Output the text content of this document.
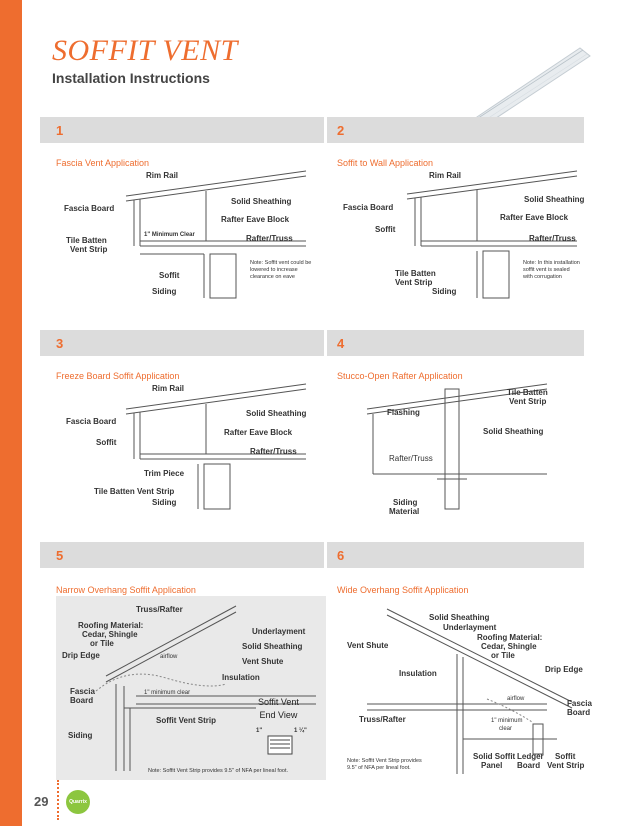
SOFFIT VENT
Installation Instructions
1	2
3	4
5	6
Fascia Vent Application	Soffit to Wall Application
Freeze Board Soffit Application	Stucco-Open Rafter Application
Narrow Overhang Soffit Application	Wide Overhang Soffit Application
Rim Rail
Solid Sheathing
Fascia Board
Rafter Eave Block
1" Minimum Clear	Rafter/Truss
Tile Batten
Vent Strip
Soffit
Siding
Note: Soffit vent could be
lowered to increase
clearance on eave
Rim Rail
Solid Sheathing
Fascia Board
Rafter Eave Block
Soffit
Rafter/Truss
Tile Batten
Vent Strip
Siding
Note: In this installation
soffit vent is sealed
with corrugation
Rim Rail
Solid Sheathing
Fascia Board
Rafter Eave Block
Soffit
Rafter/Truss
Trim Piece
Tile Batten Vent Strip
Siding
Tile Batten
Vent Strip
Flashing
Solid Sheathing
Rafter/Truss
Siding
Material
Truss/Rafter
Roofing Material:
Cedar, Shingle
or Tile
Underlayment
Solid Sheathing
Drip Edge
Vent Shute
Insulation
Fascia
Board
1" minimum clear
Soffit Vent Strip
Siding
airflow
1"	1 ¼"
Note: Soffit Vent Strip provides 9.5" of NFA per lineal foot.
Soffit Vent
End View
Solid Sheathing
Underlayment
Vent Shute
Roofing Material:
Cedar, Shingle
or Tile
Drip Edge
Insulation
airflow	Fascia
Board
Truss/Rafter	1" minimum
clear
Solid Soffit
Panel
Ledger
Board
Soffit
Vent Strip
Note: Soffit Vent Strip provides
9.5" of NFA per lineal foot.
29	Quarrix
